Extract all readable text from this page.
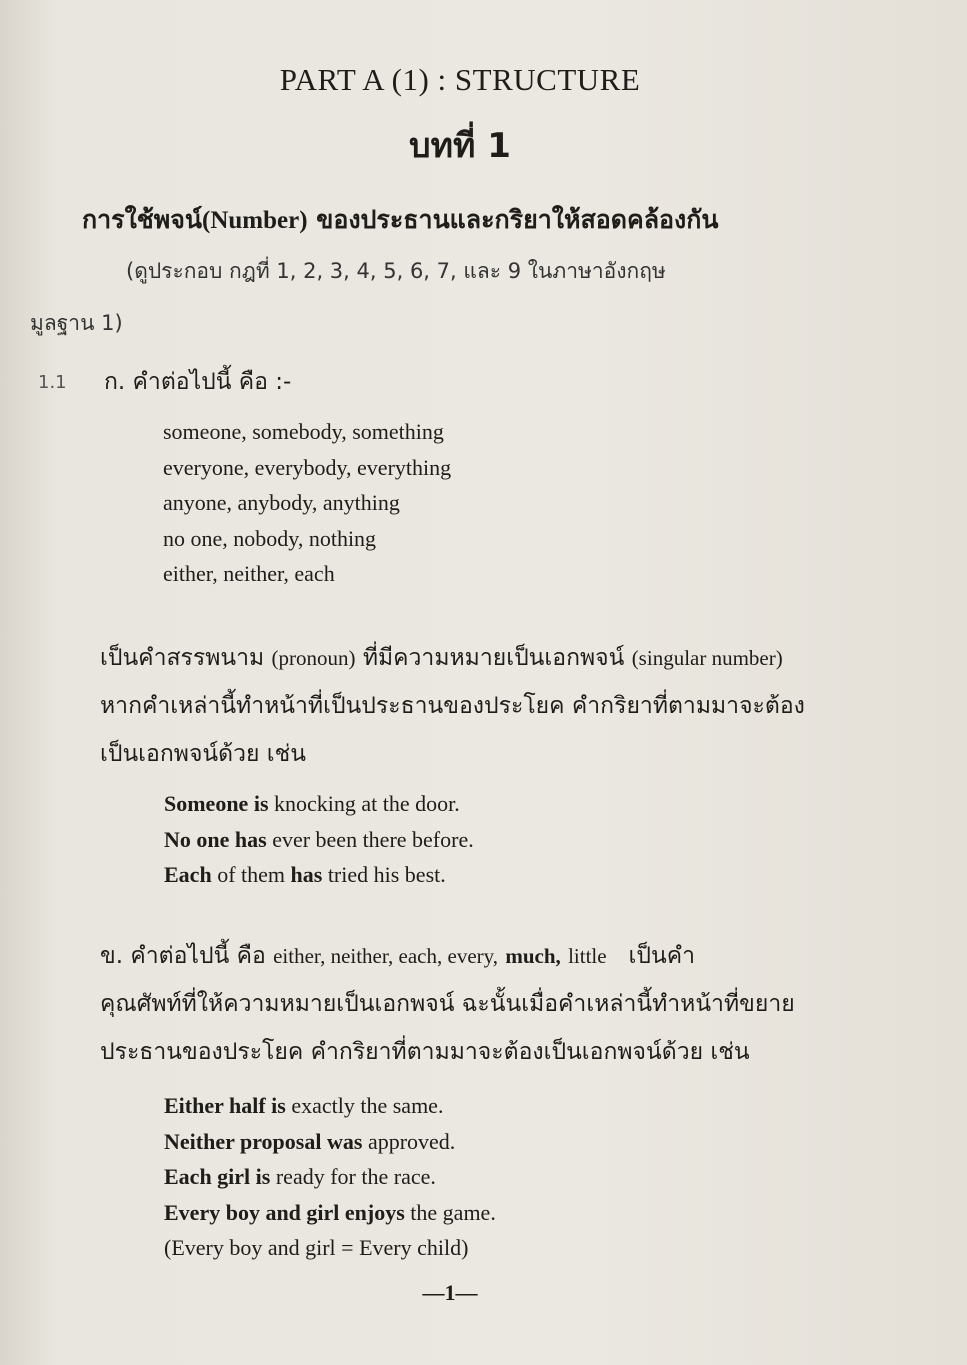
PART A (1) : STRUCTURE
บทที่ 1
การใช้พจน์(Number) ของประธานและกริยาให้สอดคล้องกัน
(ดูประกอบ กฎที่ 1, 2, 3, 4, 5, 6, 7, และ 9 ในภาษาอังกฤษ
มูลฐาน 1)
1.1 ก. คำต่อไปนี้ คือ :-
someone, somebody, something
everyone, everybody, everything
anyone, anybody, anything
no one, nobody, nothing
either, neither, each
เป็นคำสรรพนาม (pronoun) ที่มีความหมายเป็นเอกพจน์ (singular number)
หากคำเหล่านี้ทำหน้าที่เป็นประธานของประโยค คำกริยาที่ตามมาจะต้อง
เป็นเอกพจน์ด้วย เช่น
Someone is knocking at the door.
No one has ever been there before.
Each of them has tried his best.
ข. คำต่อไปนี้ คือ either, neither, each, every, much, little เป็นคำ
คุณศัพท์ที่ให้ความหมายเป็นเอกพจน์ ฉะนั้นเมื่อคำเหล่านี้ทำหน้าที่ขยาย
ประธานของประโยค คำกริยาที่ตามมาจะต้องเป็นเอกพจน์ด้วย เช่น
Either half is exactly the same.
Neither proposal was approved.
Each girl is ready for the race.
Every boy and girl enjoys the game.
(Every boy and girl = Every child)
—1—
